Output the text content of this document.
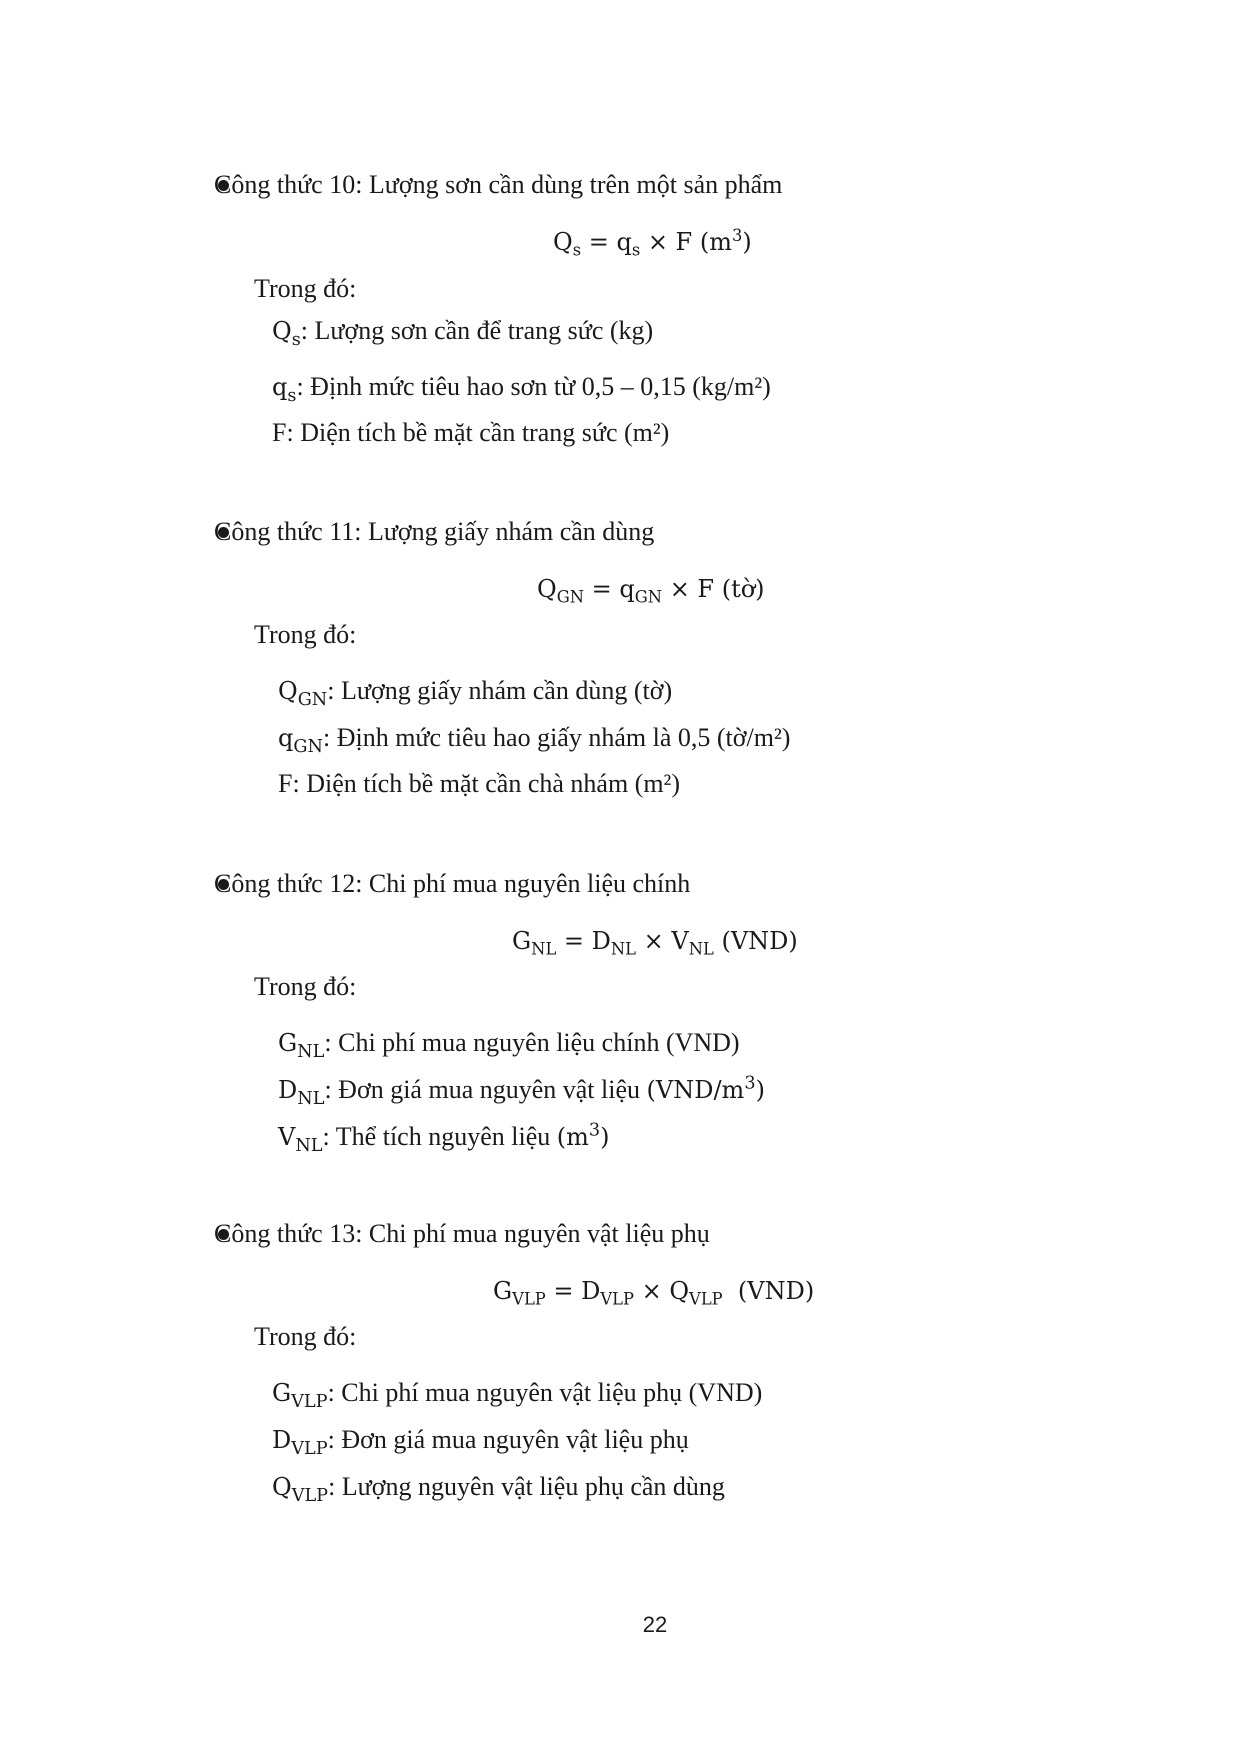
Công thức 10: Lượng sơn cần dùng trên một sản phẩm
$Q_s = q_s \times F$ $(m^3)$
Trong đó:
$Q_s$: Lượng sơn cần để trang sức (kg)
$q_s$: Định mức tiêu hao sơn từ 0,5 – 0,15 (kg/m²)
F: Diện tích bề mặt cần trang sức (m²)
Công thức 11: Lượng giấy nhám cần dùng
$Q_{GN} = q_{GN} \times F$ (tờ)
Trong đó:
$Q_{GN}$: Lượng giấy nhám cần dùng (tờ)
$q_{GN}$: Định mức tiêu hao giấy nhám là 0,5 (tờ/m²)
F: Diện tích bề mặt cần chà nhám (m²)
Công thức 12: Chi phí mua nguyên liệu chính
$G_{NL} = D_{NL} \times V_{NL}$ (VND)
Trong đó:
$G_{NL}$: Chi phí mua nguyên liệu chính (VND)
$D_{NL}$: Đơn giá mua nguyên vật liệu $(VND/m^3)$
$V_{NL}$: Thể tích nguyên liệu $(m^3)$
Công thức 13: Chi phí mua nguyên vật liệu phụ
$G_{VLP} = D_{VLP} \times Q_{VLP}$  (VND)
Trong đó:
$G_{VLP}$: Chi phí mua nguyên vật liệu phụ (VND)
$D_{VLP}$: Đơn giá mua nguyên vật liệu phụ
$Q_{VLP}$: Lượng nguyên vật liệu phụ cần dùng
22
